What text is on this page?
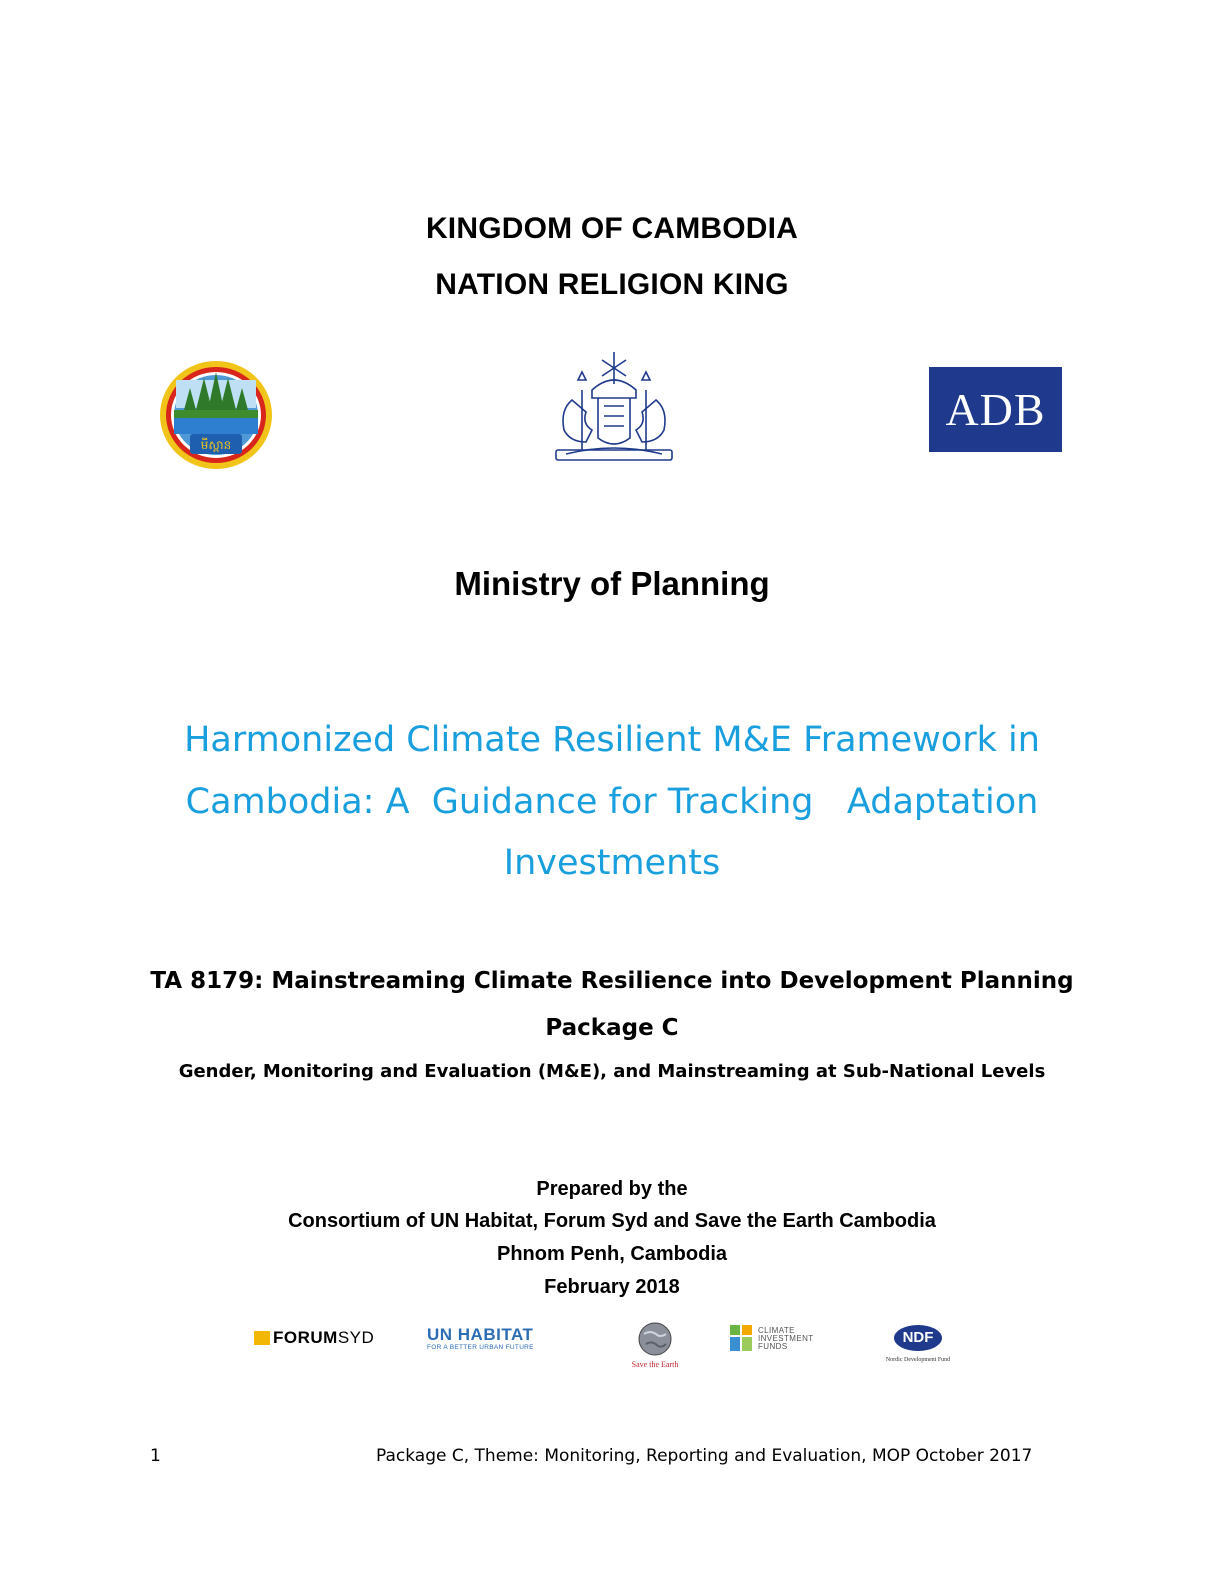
KINGDOM OF CAMBODIA
NATION RELIGION KING
មីស្ពាន
ADB
Ministry of Planning
Harmonized Climate Resilient M&E Framework in
Cambodia: A  Guidance for Tracking   Adaptation
Investments
TA 8179: Mainstreaming Climate Resilience into Development Planning
Package C
Gender, Monitoring and Evaluation (M&E), and Mainstreaming at Sub-National Levels
Prepared by the
Consortium of UN Habitat, Forum Syd and Save the Earth Cambodia
Phnom Penh, Cambodia
February 2018
FORUM SYD	UN HABITAT
FOR A BETTER URBAN FUTURE
Save the Earth
CLIMATE
INVESTMENT
FUNDS
NDF
Nordic Development Fund
1	Package C, Theme: Monitoring, Reporting and Evaluation, MOP October 2017
